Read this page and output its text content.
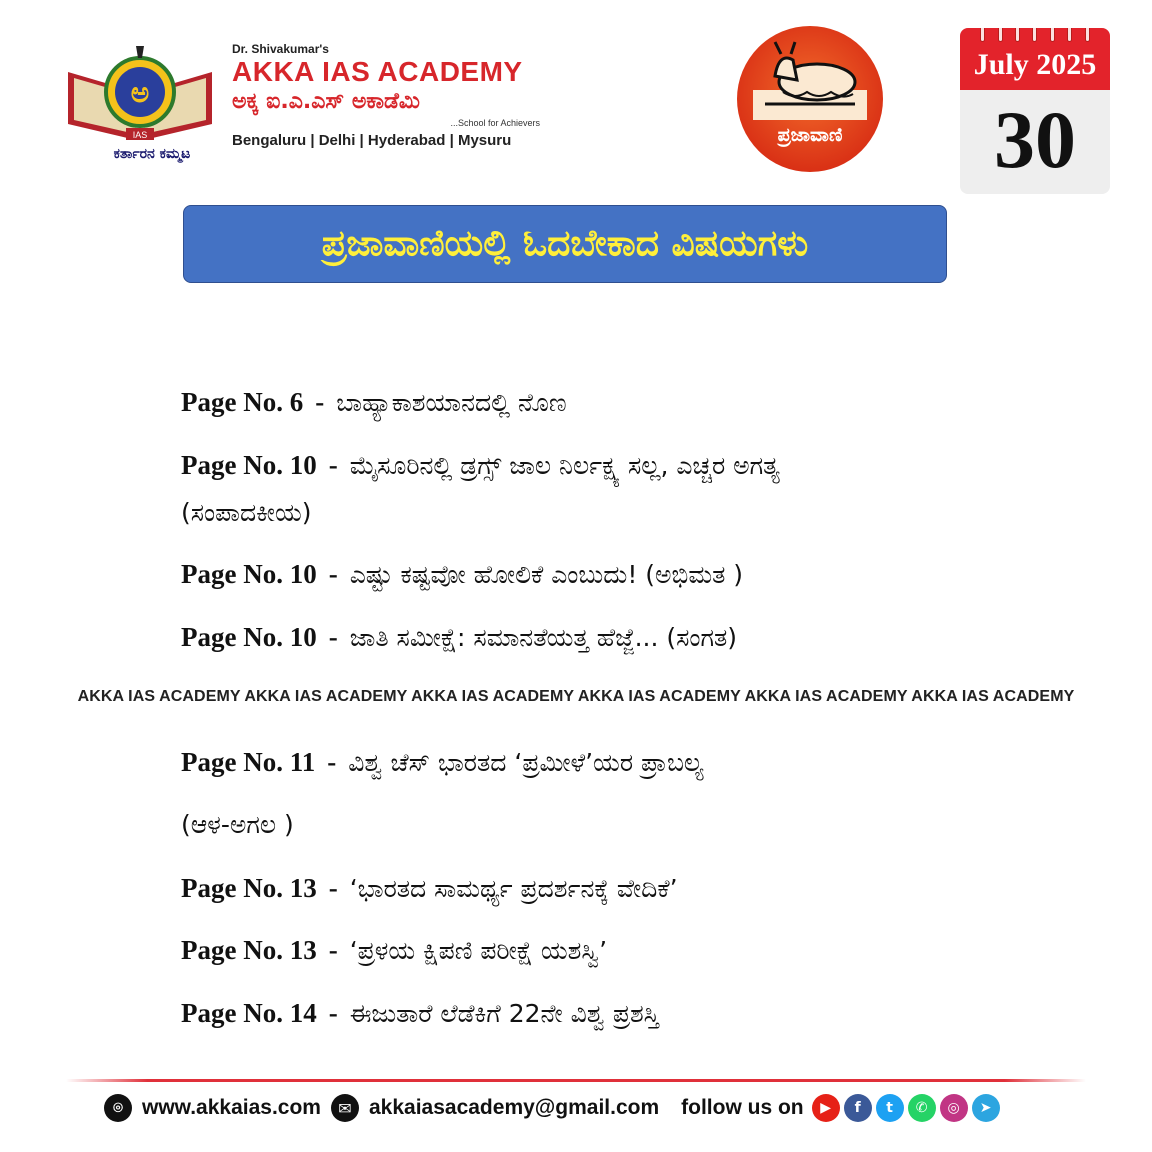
ಅ
IAS
ಕರ್ತಾರನ ಕಮ್ಮಟ
Dr. Shivakumar's
AKKA IAS ACADEMY
ಅಕ್ಕ ಐ.ಎ.ಎಸ್ ಅಕಾಡೆಮಿ
...School for Achievers
Bengaluru | Delhi | Hyderabad | Mysuru	ಪ್ರಜಾವಾಣಿ
July 2025
30
ಪ್ರಜಾವಾಣಿಯಲ್ಲಿ ಓದಬೇಕಾದ ವಿಷಯಗಳು
Page No. 6 - ಬಾಹ್ಯಾಕಾಶಯಾನದಲ್ಲಿ ನೊಣ
Page No. 10 - ಮೈಸೂರಿನಲ್ಲಿ ಡ್ರಗ್ಸ್ ಜಾಲ ನಿರ್ಲಕ್ಷ್ಯ ಸಲ್ಲ, ಎಚ್ಚರ ಅಗತ್ಯ
(ಸಂಪಾದಕೀಯ)
Page No. 10 - ಎಷ್ಟು ಕಷ್ಟವೋ ಹೋಲಿಕೆ ಎಂಬುದು! (ಅಭಿಮತ )
Page No. 10 - ಜಾತಿ ಸಮೀಕ್ಷೆ: ಸಮಾನತೆಯತ್ತ ಹೆಜ್ಜೆ... (ಸಂಗತ)
Page No. 11 - ವಿಶ್ವ ಚೆಸ್ ಭಾರತದ ‘ಪ್ರಮೀಳೆ’ಯರ ಪ್ರಾಬಲ್ಯ
(ಆಳ-ಅಗಲ )
Page No. 13 - ‘ಭಾರತದ ಸಾಮರ್ಥ್ಯ ಪ್ರದರ್ಶನಕ್ಕೆ ವೇದಿಕೆ’
Page No. 13 - ‘ಪ್ರಳಯ ಕ್ಷಿಪಣಿ ಪರೀಕ್ಷೆ ಯಶಸ್ವಿ’
Page No. 14 - ಈಜುತಾರೆ ಲೆಡೆಕಿಗೆ 22ನೇ ವಿಶ್ವ ಪ್ರಶಸ್ತಿ
AKKA IAS ACADEMY AKKA IAS ACADEMY AKKA IAS ACADEMY AKKA IAS ACADEMY AKKA IAS ACADEMY AKKA IAS ACADEMY
⌾ www.akkaias.com	✉ akkaiasacademy@gmail.com follow us on	▶	f	t	✆	◎	➤
